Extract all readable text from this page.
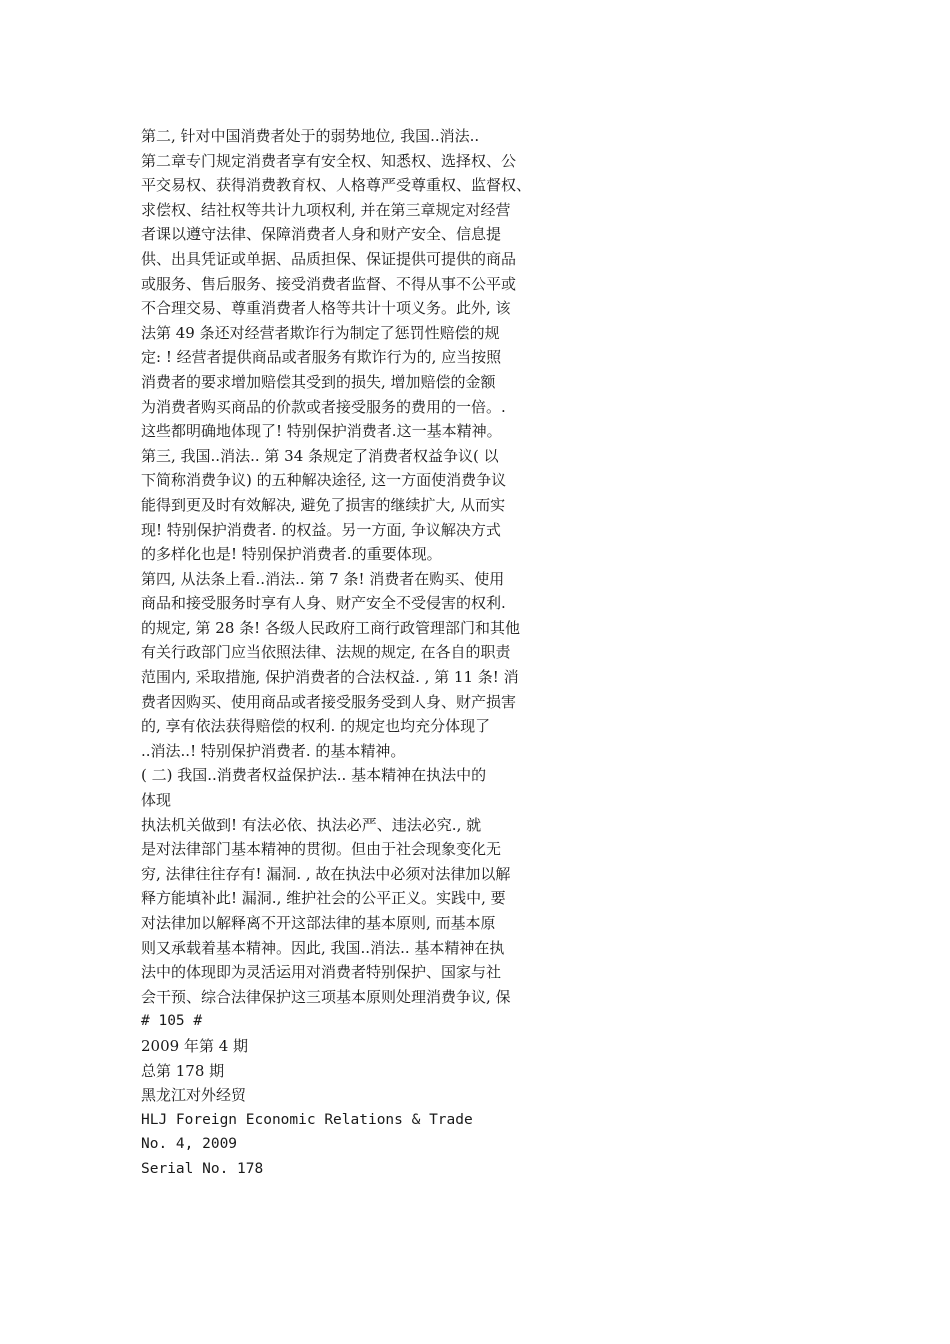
第二, 针对中国消费者处于的弱势地位, 我国..消法..
第二章专门规定消费者享有安全权、知悉权、选择权、公
平交易权、获得消费教育权、人格尊严受尊重权、监督权、
求偿权、结社权等共计九项权利, 并在第三章规定对经营
者课以遵守法律、保障消费者人身和财产安全、信息提
供、出具凭证或单据、品质担保、保证提供可提供的商品
或服务、售后服务、接受消费者监督、不得从事不公平或
不合理交易、尊重消费者人格等共计十项义务。此外, 该
法第 49 条还对经营者欺诈行为制定了惩罚性赔偿的规
定: ! 经营者提供商品或者服务有欺诈行为的, 应当按照
消费者的要求增加赔偿其受到的损失, 增加赔偿的金额
为消费者购买商品的价款或者接受服务的费用的一倍。.
这些都明确地体现了! 特别保护消费者.这一基本精神。
第三, 我国..消法.. 第 34 条规定了消费者权益争议( 以
下简称消费争议) 的五种解决途径, 这一方面使消费争议
能得到更及时有效解决, 避免了损害的继续扩大, 从而实
现! 特别保护消费者. 的权益。另一方面, 争议解决方式
的多样化也是! 特别保护消费者.的重要体现。
第四, 从法条上看..消法.. 第 7 条! 消费者在购买、使用
商品和接受服务时享有人身、财产安全不受侵害的权利.
的规定, 第 28 条! 各级人民政府工商行政管理部门和其他
有关行政部门应当依照法律、法规的规定, 在各自的职责
范围内, 采取措施, 保护消费者的合法权益. , 第 11 条! 消
费者因购买、使用商品或者接受服务受到人身、财产损害
的, 享有依法获得赔偿的权利. 的规定也均充分体现了
..消法..! 特别保护消费者. 的基本精神。
( 二) 我国..消费者权益保护法.. 基本精神在执法中的
体现
执法机关做到! 有法必依、执法必严、违法必究., 就
是对法律部门基本精神的贯彻。但由于社会现象变化无
穷, 法律往往存有! 漏洞. , 故在执法中必须对法律加以解
释方能填补此! 漏洞., 维护社会的公平正义。实践中, 要
对法律加以解释离不开这部法律的基本原则, 而基本原
则又承载着基本精神。因此, 我国..消法.. 基本精神在执
法中的体现即为灵活运用对消费者特别保护、国家与社
会干预、综合法律保护这三项基本原则处理消费争议, 保
# 105 #
2009 年第 4 期
总第 178 期
黑龙江对外经贸
HLJ Foreign Economic Relations & Trade
No. 4, 2009
Serial No. 178
